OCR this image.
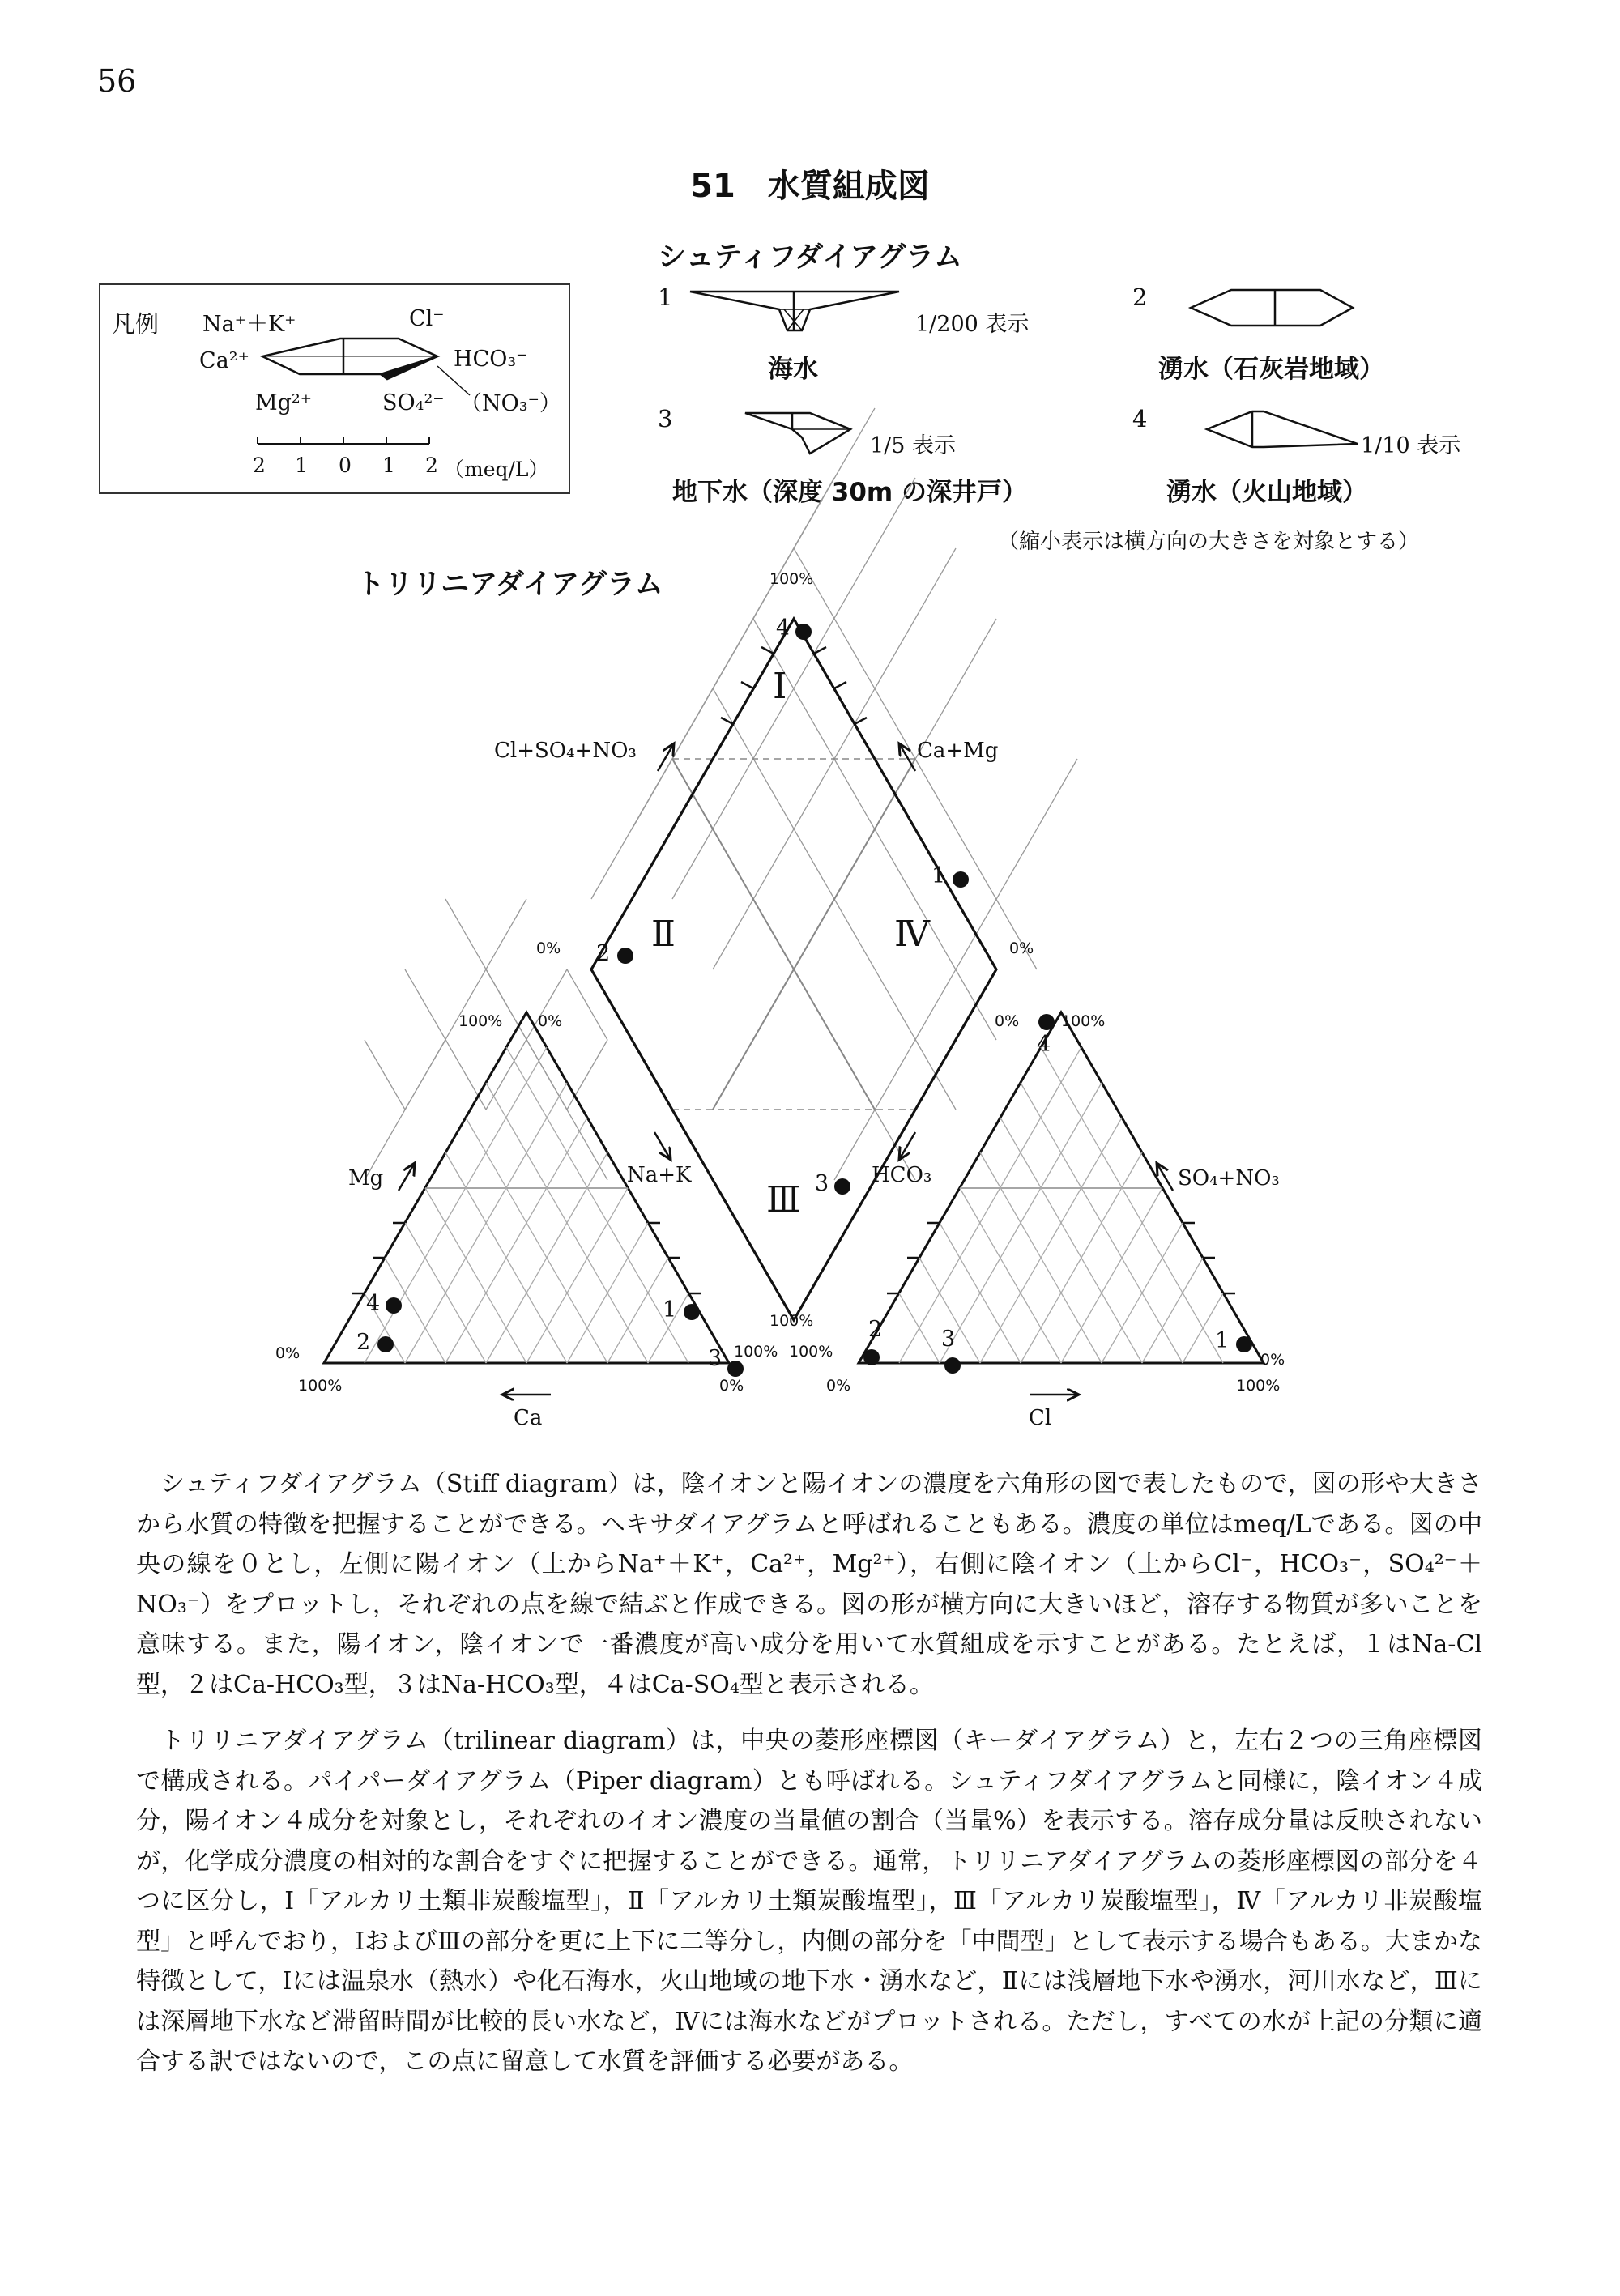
56
51　水質組成図
シュティフダイアグラム
凡例 Na⁺＋K⁺	Cl⁻
Ca²⁺	HCO₃⁻
Mg²⁺	SO₄²⁻ （NO₃⁻）
2 1 0 1 2 （meq/L）
1
1/200 表示
海水
2
湧水（石灰岩地域）
3
1/5 表示
地下水（深度 30m の深井戸）
4
1/10 表示
湧水（火山地域）
（縮小表示は横方向の大きさを対象とする）
トリリニアダイアグラム	100%
0%	0%
100%
Cl+SO₄+NO₃	Ca+Mg
Ⅰ
Ⅱ
Ⅲ
Ⅳ
100% 0%
0%
100%	0%
0%	100%
100% 100%	0%
0%	100%
Mg	Na+K	HCO₃	SO₄+NO₃
Ca	Cl
4
1
2
3
4
2
1
3
4
2	3	1

シュティフダイアグラム（Stiff diagram）は，陰イオンと陽イオンの濃度を六角形の図で表したもので，図の形や大きさから水質の特徴を把握することができる。ヘキサダイアグラムと呼ばれることもある。濃度の単位はmeq/Lである。図の中央の線を０とし，左側に陽イオン（上からNa⁺＋K⁺，Ca²⁺，Mg²⁺），右側に陰イオン（上からCl⁻，HCO₃⁻，SO₄²⁻＋NO₃⁻）をプロットし，それぞれの点を線で結ぶと作成できる。図の形が横方向に大きいほど，溶存する物質が多いことを意味する。また，陽イオン，陰イオンで一番濃度が高い成分を用いて水質組成を示すことがある。たとえば，１はNa-Cl型，２はCa-HCO₃型，３はNa-HCO₃型，４はCa-SO₄型と表示される。

トリリニアダイアグラム（trilinear diagram）は，中央の菱形座標図（キーダイアグラム）と，左右２つの三角座標図で構成される。パイパーダイアグラム（Piper diagram）とも呼ばれる。シュティフダイアグラムと同様に，陰イオン４成分，陽イオン４成分を対象とし，それぞれのイオン濃度の当量値の割合（当量%）を表示する。溶存成分量は反映されないが，化学成分濃度の相対的な割合をすぐに把握することができる。通常，トリリニアダイアグラムの菱形座標図の部分を４つに区分し，Ⅰ「アルカリ土類非炭酸塩型」，Ⅱ「アルカリ土類炭酸塩型」，Ⅲ「アルカリ炭酸塩型」，Ⅳ「アルカリ非炭酸塩型」と呼んでおり，ⅠおよびⅢの部分を更に上下に二等分し，内側の部分を「中間型」として表示する場合もある。大まかな特徴として，Ⅰには温泉水（熱水）や化石海水，火山地域の地下水・湧水など，Ⅱには浅層地下水や湧水，河川水など，Ⅲには深層地下水など滞留時間が比較的長い水など，Ⅳには海水などがプロットされる。ただし，すべての水が上記の分類に適合する訳ではないので，この点に留意して水質を評価する必要がある。
